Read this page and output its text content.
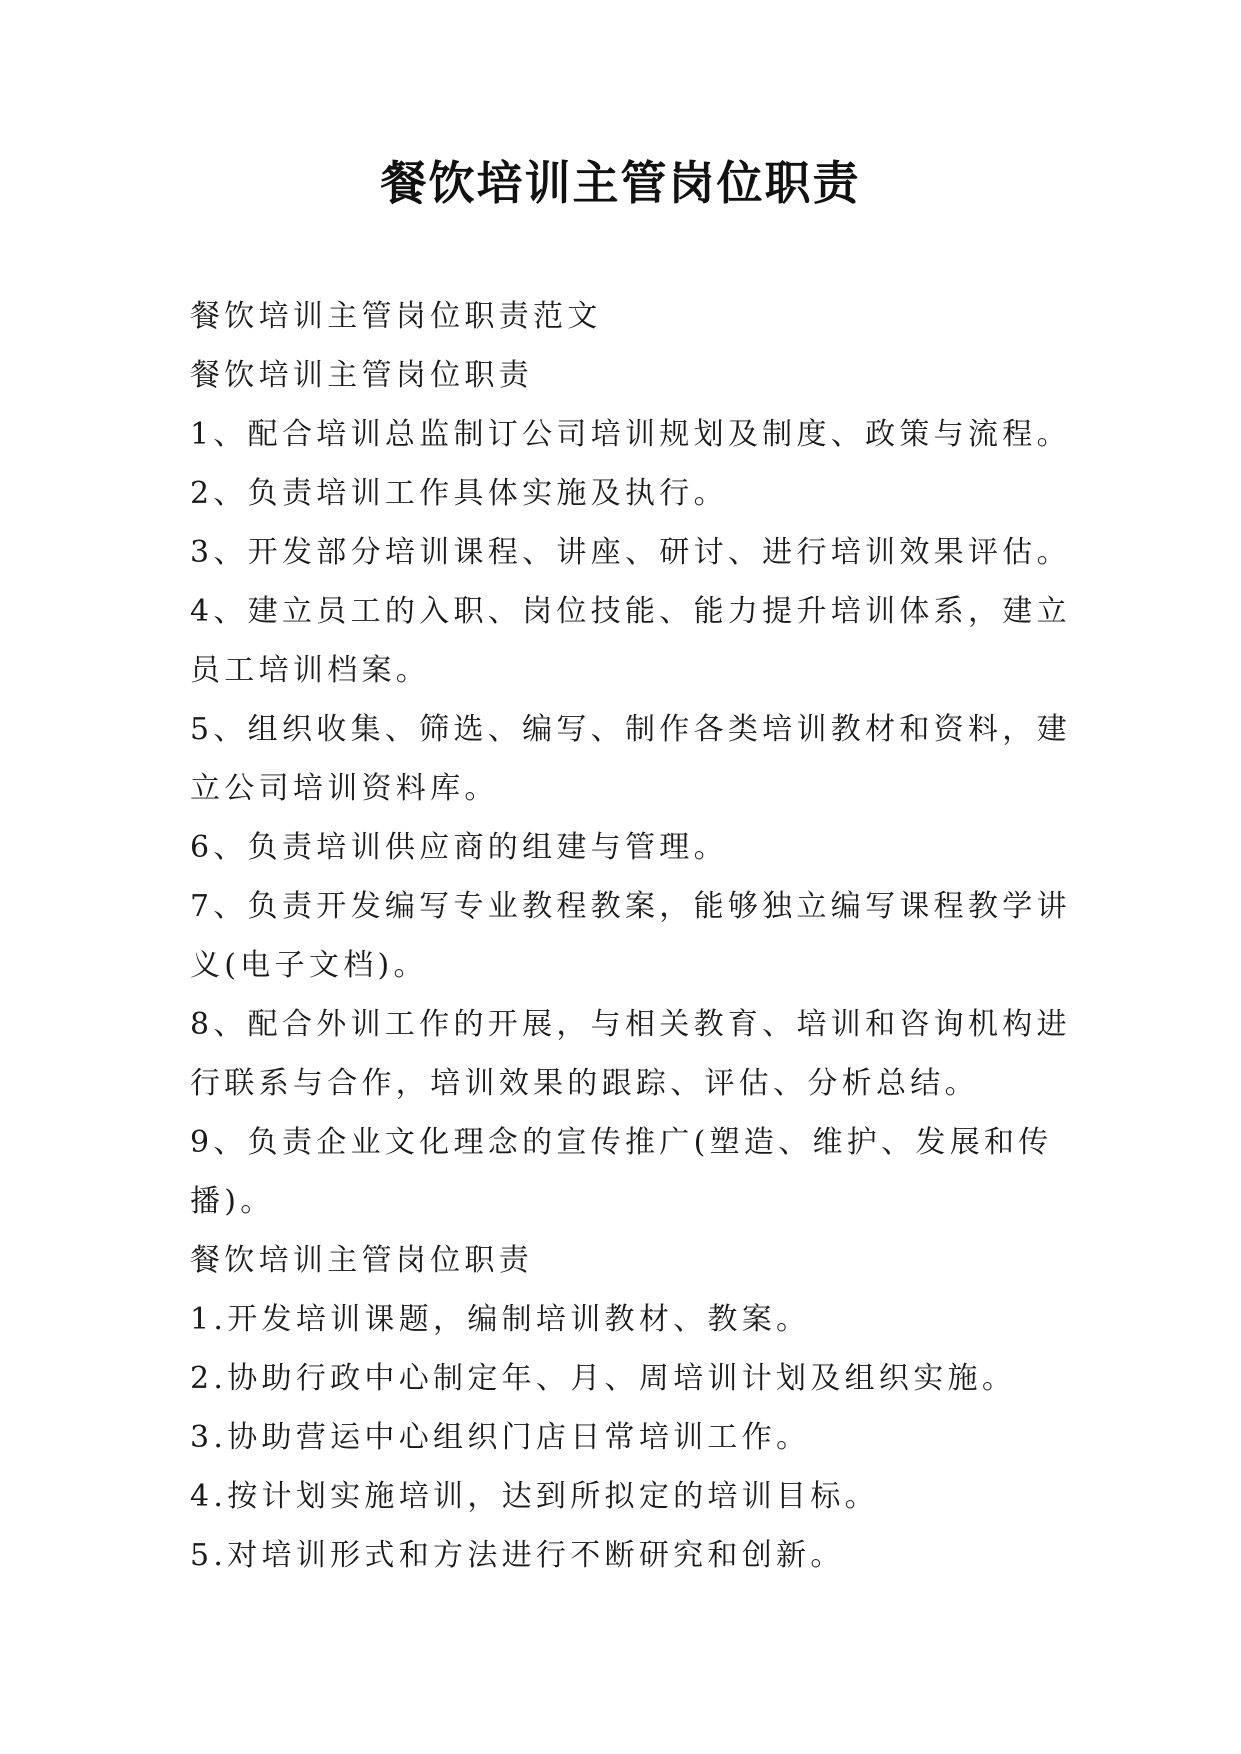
餐饮培训主管岗位职责
餐饮培训主管岗位职责范文
餐饮培训主管岗位职责
1、配合培训总监制订公司培训规划及制度、政策与流程。
2、负责培训工作具体实施及执行。
3、开发部分培训课程、讲座、研讨、进行培训效果评估。
4、建立员工的入职、岗位技能、能力提升培训体系，建立
员工培训档案。
5、组织收集、筛选、编写、制作各类培训教材和资料，建
立公司培训资料库。
6、负责培训供应商的组建与管理。
7、负责开发编写专业教程教案，能够独立编写课程教学讲
义(电子文档)。
8、配合外训工作的开展，与相关教育、培训和咨询机构进
行联系与合作，培训效果的跟踪、评估、分析总结。
9、负责企业文化理念的宣传推广(塑造、维护、发展和传
播)。
餐饮培训主管岗位职责
1.开发培训课题，编制培训教材、教案。
2.协助行政中心制定年、月、周培训计划及组织实施。
3.协助营运中心组织门店日常培训工作。
4.按计划实施培训，达到所拟定的培训目标。
5.对培训形式和方法进行不断研究和创新。
